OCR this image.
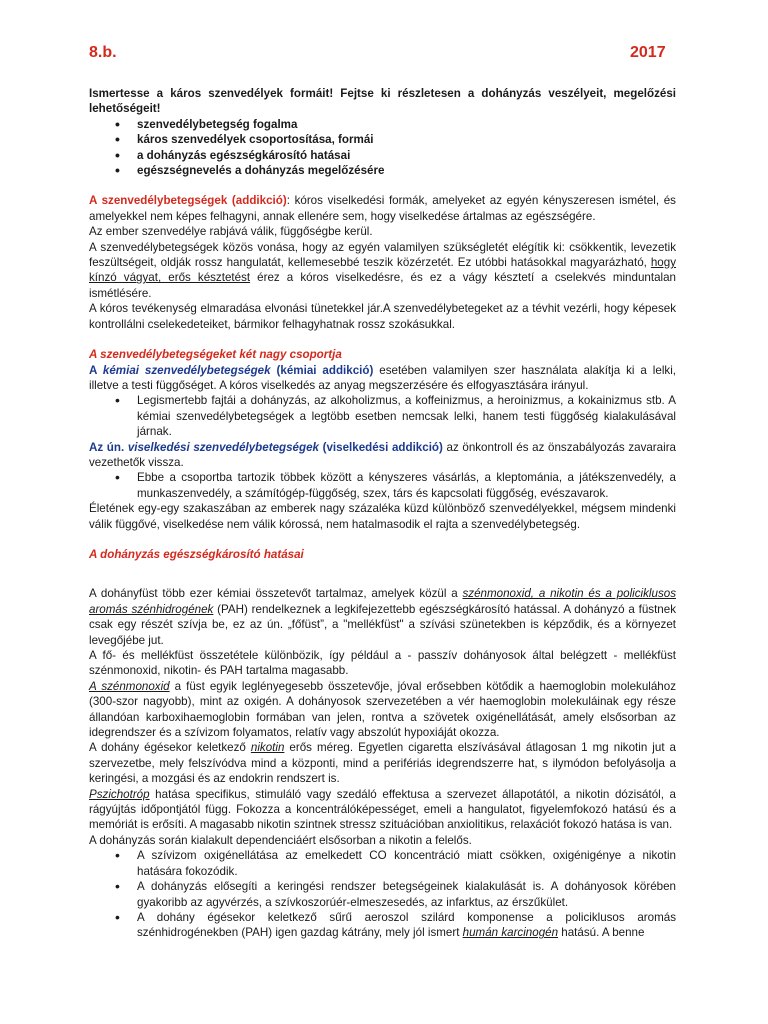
8.b.	2017

Ismertesse a káros szenvedélyek formáit! Fejtse ki részletesen a dohányzás veszélyeit, megelőzési lehetőségeit!

• szenvedélybetegség fogalma
• káros szenvedélyek csoportosítása, formái
• a dohányzás egészségkárosító hatásai
• egészségnevelés a dohányzás megelőzésére

A szenvedélybetegségek (addikció): kóros viselkedési formák, amelyeket az egyén kényszeresen ismétel, és amelyekkel nem képes felhagyni, annak ellenére sem, hogy viselkedése ártalmas az egészségére.

Az ember szenvedélye rabjává válik, függőségbe kerül.

A szenvedélybetegségek közös vonása, hogy az egyén valamilyen szükségletét elégítik ki: csökkentik, levezetik feszültségeit, oldják rossz hangulatát, kellemesebbé teszik közérzetét. Ez utóbbi hatásokkal magyarázható, hogy kínzó vágyat, erős késztetést érez a kóros viselkedésre, és ez a vágy késztetí a cselekvés minduntalan ismétlésére.

A kóros tevékenység elmaradása elvonási tünetekkel jár.A szenvedélybetegeket az a tévhit vezérli, hogy képesek kontrollálni cselekedeteiket, bármikor felhagyhatnak rossz szokásukkal.

A szenvedélybetegségeket két nagy csoportja

A kémiai szenvedélybetegségek (kémiai addikció) esetében valamilyen szer használata alakítja ki a lelki, illetve a testi függőséget. A kóros viselkedés az anyag megszerzésére és elfogyasztására irányul.

• Legismertebb fajtái a dohányzás, az alkoholizmus, a koffeinizmus, a heroinizmus, a kokainizmus stb. A kémiai szenvedélybetegségek a legtöbb esetben nemcsak lelki, hanem testi függőség kialakulásával járnak.

Az ún. viselkedési szenvedélybetegségek (viselkedési addikció) az önkontroll és az önszabályozás zavaraira vezethetők vissza.

• Ebbe a csoportba tartozik többek között a kényszeres vásárlás, a kleptománia, a játékszenvedély, a munkaszenvedély, a számítógép-függőség, szex, társ és kapcsolati függőség, evészavarok.

Életének egy-egy szakaszában az emberek nagy százaléka küzd különböző szenvedélyekkel, mégsem mindenki válik függővé, viselkedése nem válik kórossá, nem hatalmasodik el rajta a szenvedélybetegség.

A dohányzás egészségkárosító hatásai

A dohányfüst több ezer kémiai összetevőt tartalmaz, amelyek közül a szénmonoxid, a nikotin és a policiklusos aromás szénhidrogének (PAH) rendelkeznek a legkifejezettebb egészségkárosító hatással. A dohányzó a füstnek csak egy részét szívja be, ez az ún. „főfüst”, a "mellékfüst" a szívási szünetekben is képződik, és a környezet levegőjébe jut.

A fő- és mellékfüst összetétele különbözik, így például a - passzív dohányosok által belégzett - mellékfüst szénmonoxid, nikotin- és PAH tartalma magasabb.

A szénmonoxid a füst egyik leglényegesebb összetevője, jóval erősebben kötődik a haemoglobin molekulához (300-szor nagyobb), mint az oxigén. A dohányosok szervezetében a vér haemoglobin molekuláinak egy része állandóan karboxihaemoglobin formában van jelen, rontva a szövetek oxigénellátását, amely elsősorban az idegrendszer és a szívizom folyamatos, relatív vagy abszolút hypoxiáját okozza.

A dohány égésekor keletkező nikotin erős méreg. Egyetlen cigaretta elszívásával átlagosan 1 mg nikotin jut a szervezetbe, mely felszívódva mind a központi, mind a perifériás idegrendszerre hat, s ilymódon befolyásolja a keringési, a mozgási és az endokrin rendszert is.

Pszichotróp hatása specifikus, stimuláló vagy szedáló effektusa a szervezet állapotától, a nikotin dózisától, a rágyújtás időpontjától függ. Fokozza a koncentrálóképességet, emeli a hangulatot, figyelemfokozó hatású és a memóriát is erősíti. A magasabb nikotin szintnek stressz szituációban anxiolitikus, relaxációt fokozó hatása is van.

A dohányzás során kialakult dependenciáért elsősorban a nikotin a felelős.

• A szívizom oxigénellátása az emelkedett CO koncentráció miatt csökken, oxigénigénye a nikotin hatására fokozódik.
• A dohányzás elősegíti a keringési rendszer betegségeinek kialakulását is. A dohányosok körében gyakoribb az agyvérzés, a szívkoszorúér-elmeszesedés, az infarktus, az érszűkület.
• A dohány égésekor keletkező sűrű aeroszol szilárd komponense a policiklusos aromás szénhidrogénekben (PAH) igen gazdag kátrány, mely jól ismert humán karcinogén hatású. A benne
